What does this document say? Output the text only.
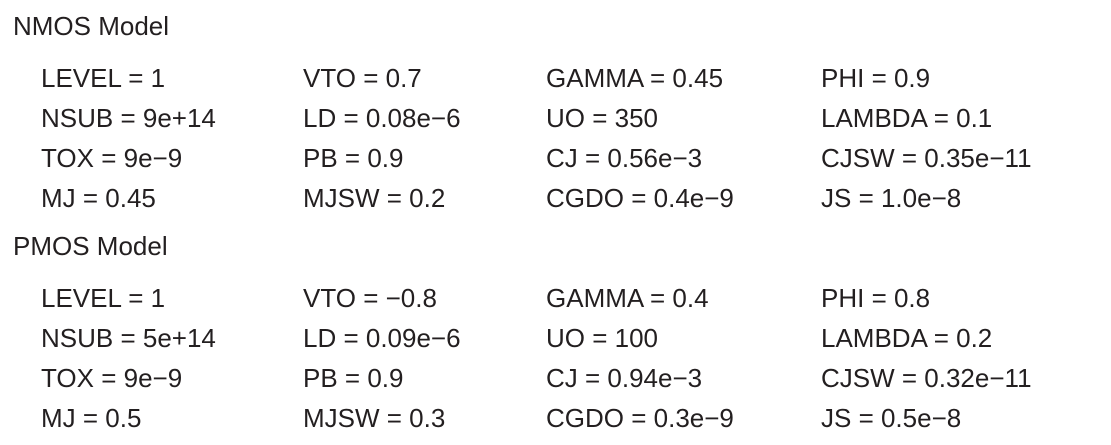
NMOS Model
LEVEL = 1	VTO = 0.7	GAMMA = 0.45	PHI = 0.9
NSUB = 9e+14	LD = 0.08e−6	UO = 350	LAMBDA = 0.1
TOX = 9e−9	PB = 0.9	CJ = 0.56e−3	CJSW = 0.35e−11
MJ = 0.45	MJSW = 0.2	CGDO = 0.4e−9	JS = 1.0e−8
PMOS Model
LEVEL = 1	VTO = −0.8	GAMMA = 0.4	PHI = 0.8
NSUB = 5e+14	LD = 0.09e−6	UO = 100	LAMBDA = 0.2
TOX = 9e−9	PB = 0.9	CJ = 0.94e−3	CJSW = 0.32e−11
MJ = 0.5	MJSW = 0.3	CGDO = 0.3e−9	JS = 0.5e−8
